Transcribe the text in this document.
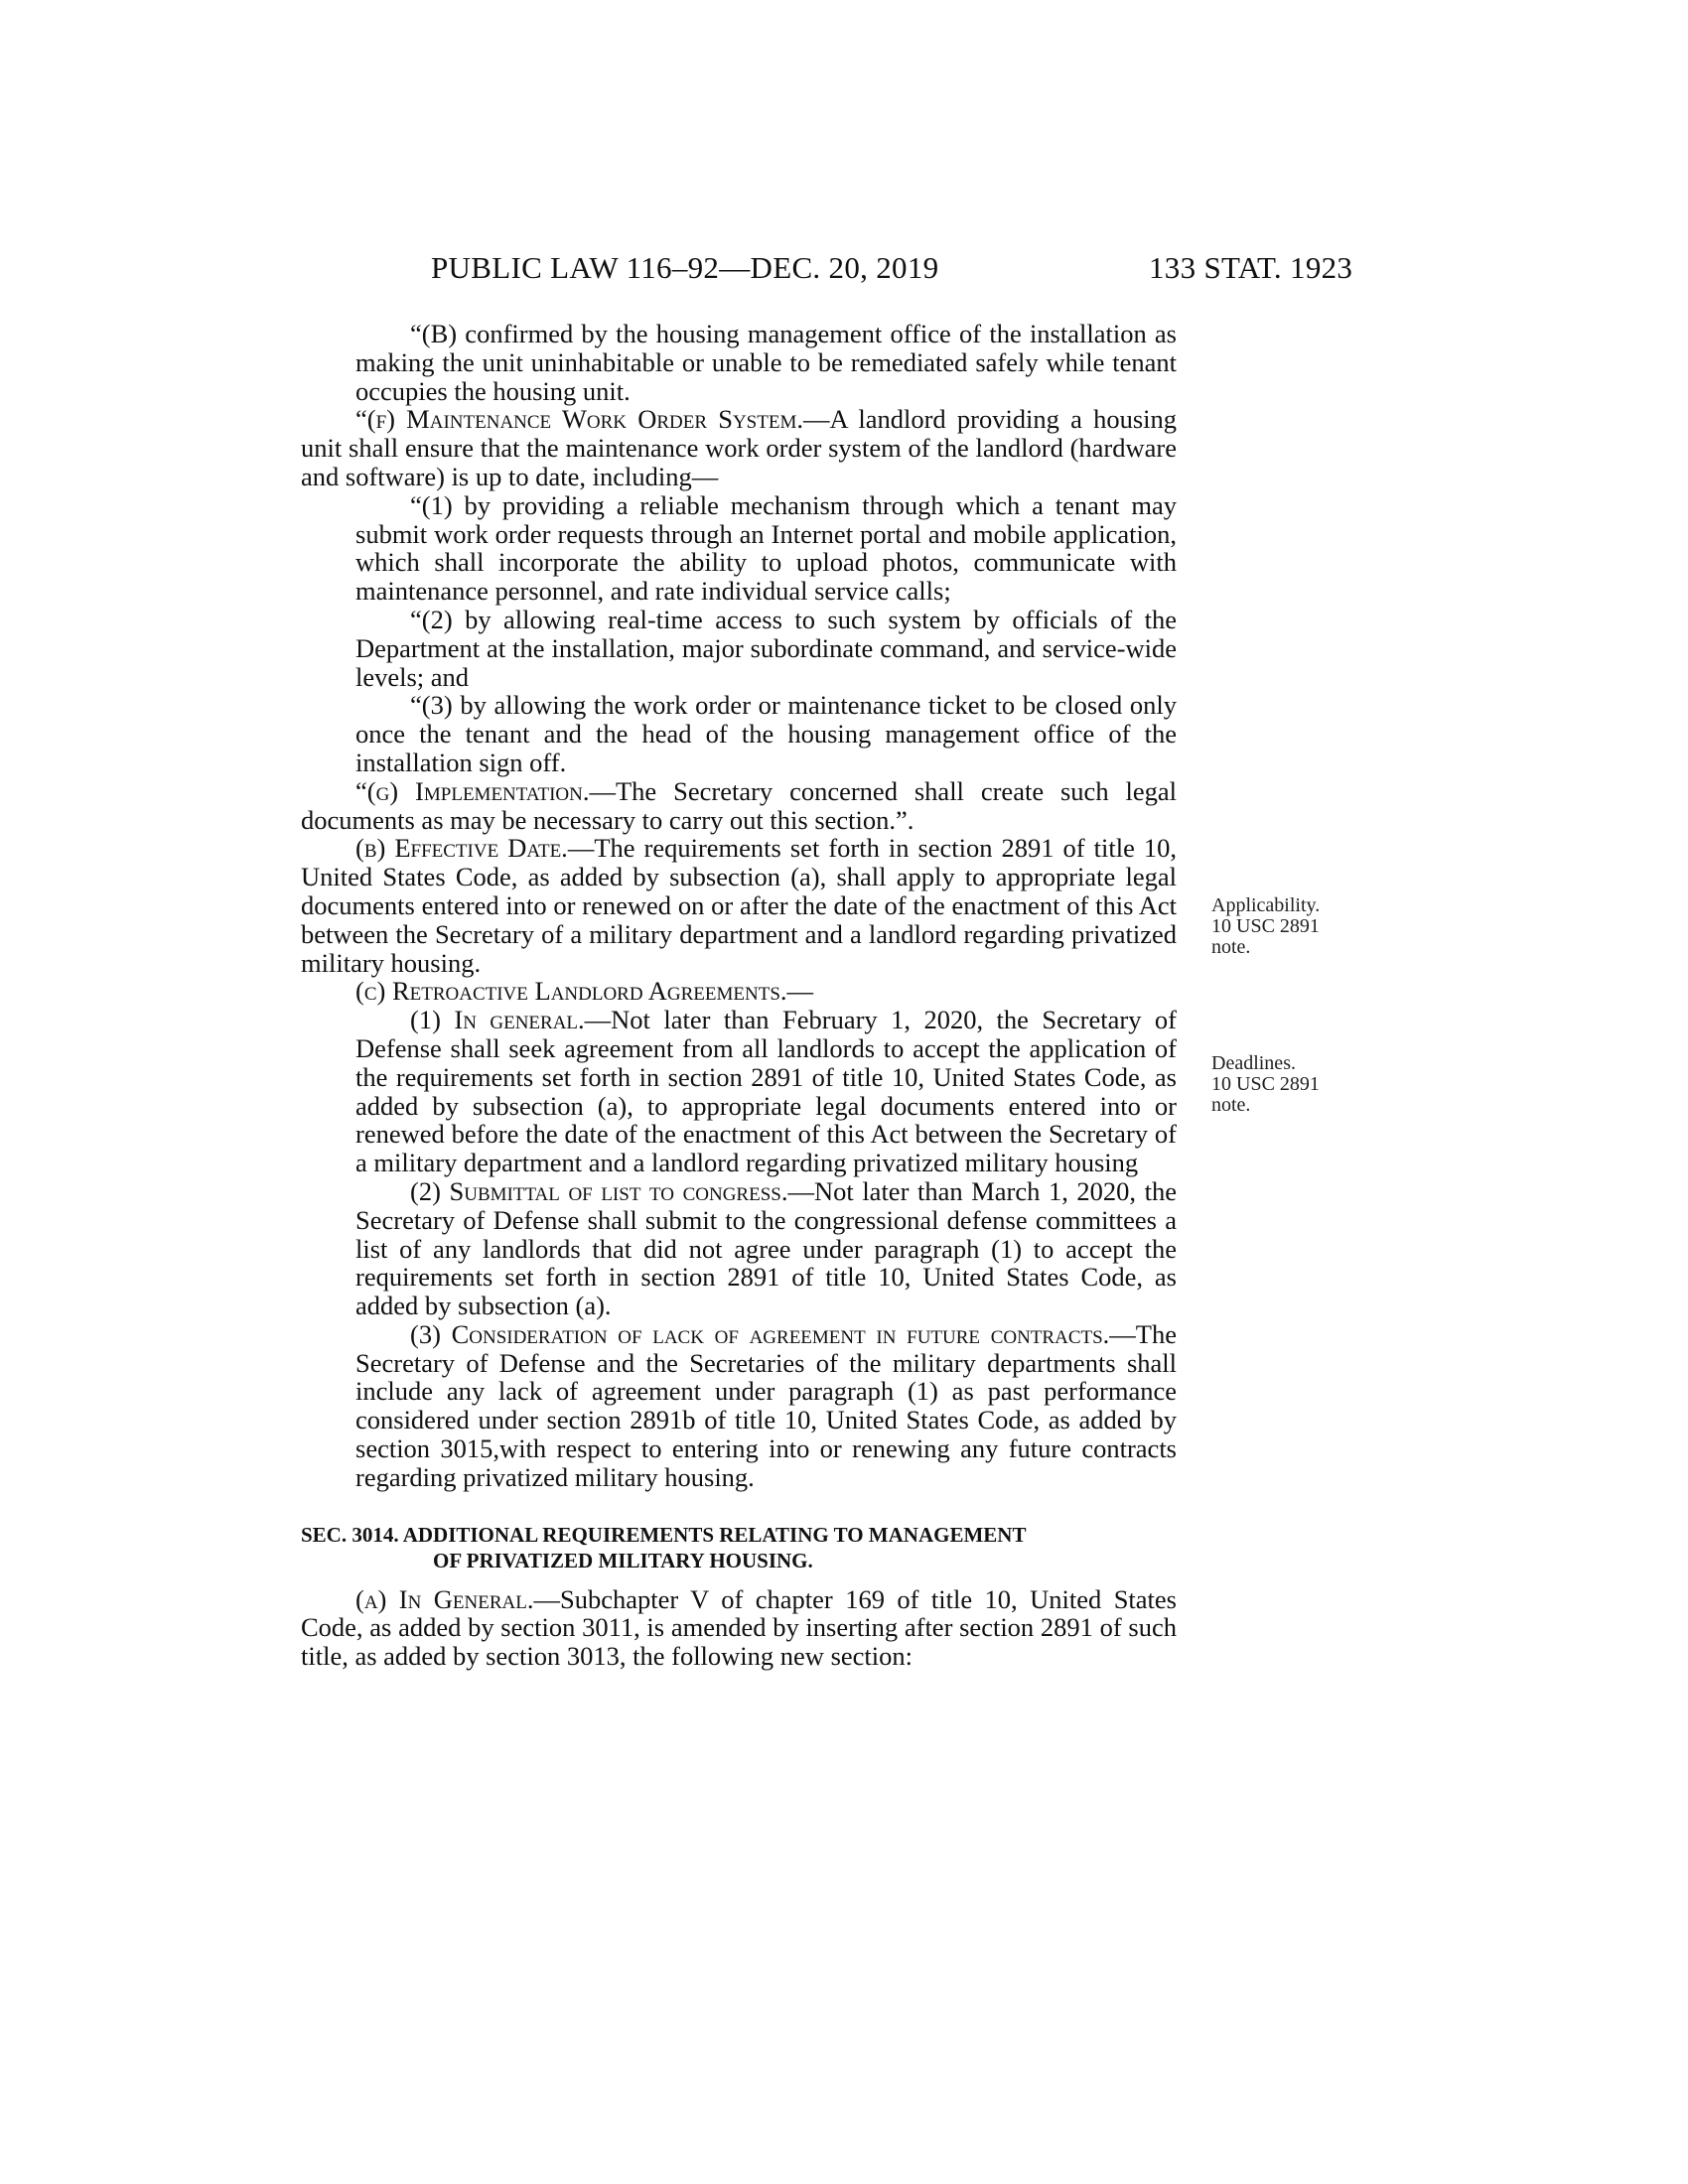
PUBLIC LAW 116–92—DEC. 20, 2019	133 STAT. 1923

“(B) confirmed by the housing management office of the installation as making the unit uninhabitable or unable to be remediated safely while tenant occupies the housing unit.

“(f) Maintenance Work Order System.—A landlord providing a housing unit shall ensure that the maintenance work order system of the landlord (hardware and software) is up to date, including—

“(1) by providing a reliable mechanism through which a tenant may submit work order requests through an Internet portal and mobile application, which shall incorporate the ability to upload photos, communicate with maintenance personnel, and rate individual service calls;

“(2) by allowing real-time access to such system by officials of the Department at the installation, major subordinate command, and service-wide levels; and

“(3) by allowing the work order or maintenance ticket to be closed only once the tenant and the head of the housing management office of the installation sign off.

“(g) Implementation.—The Secretary concerned shall create such legal documents as may be necessary to carry out this section.”.

(b) Effective Date.—The requirements set forth in section 2891 of title 10, United States Code, as added by subsection (a), shall apply to appropriate legal documents entered into or renewed on or after the date of the enactment of this Act between the Secretary of a military department and a landlord regarding privatized military housing.

(c) Retroactive Landlord Agreements.—

(1) In general.—Not later than February 1, 2020, the Secretary of Defense shall seek agreement from all landlords to accept the application of the requirements set forth in section 2891 of title 10, United States Code, as added by subsection (a), to appropriate legal documents entered into or renewed before the date of the enactment of this Act between the Secretary of a military department and a landlord regarding privatized military housing

(2) Submittal of list to congress.—Not later than March 1, 2020, the Secretary of Defense shall submit to the congressional defense committees a list of any landlords that did not agree under paragraph (1) to accept the requirements set forth in section 2891 of title 10, United States Code, as added by subsection (a).

(3) Consideration of lack of agreement in future contracts.—The Secretary of Defense and the Secretaries of the military departments shall include any lack of agreement under paragraph (1) as past performance considered under section 2891b of title 10, United States Code, as added by section 3015,with respect to entering into or renewing any future contracts regarding privatized military housing.

SEC. 3014. ADDITIONAL REQUIREMENTS RELATING TO MANAGEMENT
OF PRIVATIZED MILITARY HOUSING.

(a) In General.—Subchapter V of chapter 169 of title 10, United States Code, as added by section 3011, is amended by inserting after section 2891 of such title, as added by section 3013, the following new section:

Applicability.
10 USC 2891
note.
Deadlines.
10 USC 2891
note.
